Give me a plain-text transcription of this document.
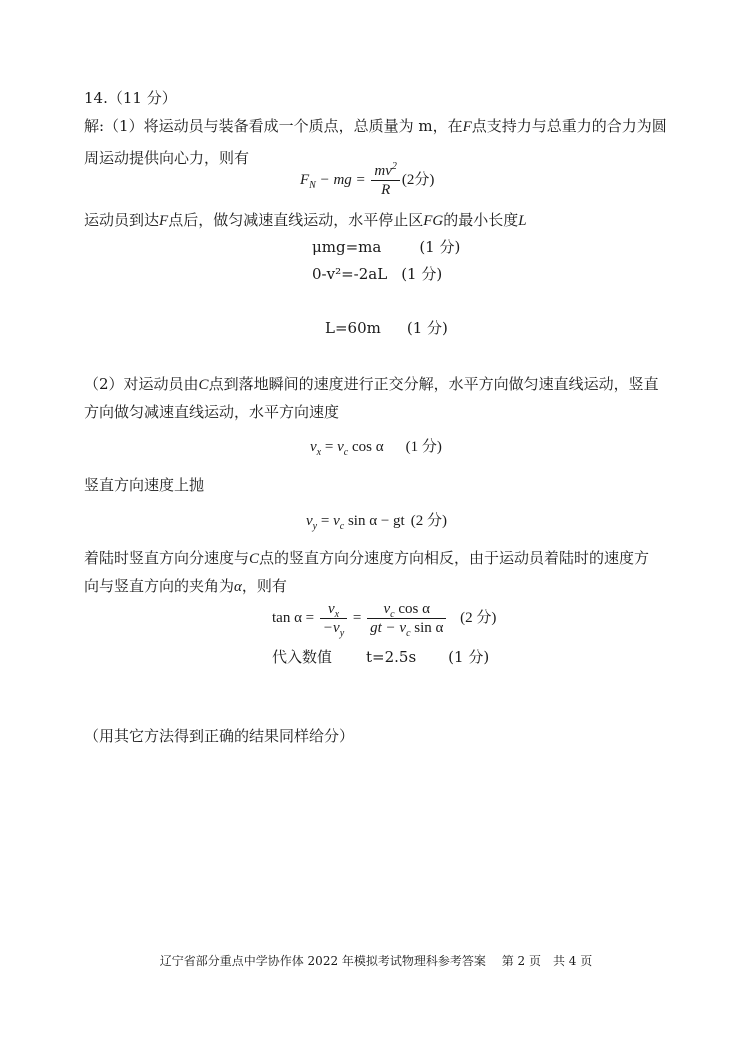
14.（11 分）
解:（1）将运动员与装备看成一个质点，总质量为 m，在F点支持力与总重力的合力为圆
周运动提供向心力，则有
$F_N$ − mg = $\frac{mv^2}{R} (2$分)
运动员到达F点后，做匀减速直线运动，水平停止区FG的最小长度L
μmg=ma	(1 分)
0-v²=-2aL (1 分)
L=60m (1 分)
（2）对运动员由C点到落地瞬间的速度进行正交分解，水平方向做匀速直线运动，竖直
方向做匀减速直线运动，水平方向速度
$v_x = v_c$ cos α (1 分)
竖直方向速度上抛
$v_y = v_c$ sin α − gt (2 分)
着陆时竖直方向分速度与C点的竖直方向分速度方向相反，由于运动员着陆时的速度方
向与竖直方向的夹角为α，则有
$\tan \alpha = \frac{v_x}{-v_y} = \frac{v_c \cos \alpha}{gt - v_c \sin \alpha} (2$ 分)
代入数值 t=2.5s (1 分)
（用其它方法得到正确的结果同样给分）
辽宁省部分重点中学协作体 2022 年模拟考试物理科参考答案　 第 2 页　共 4 页
